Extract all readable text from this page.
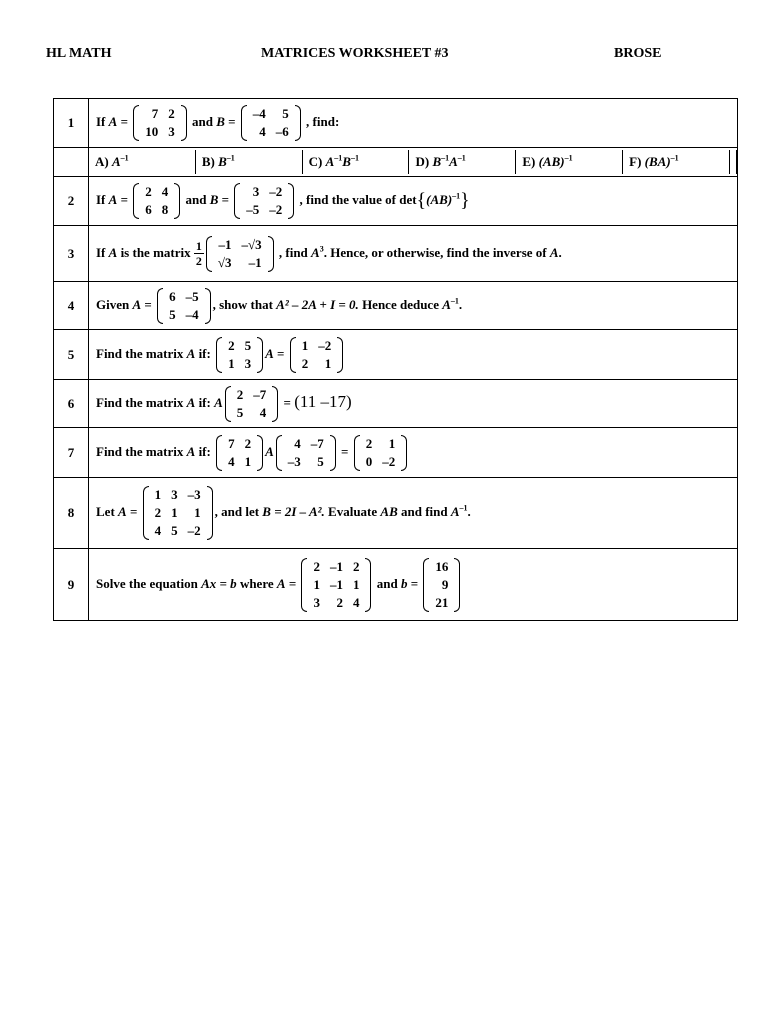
HL MATH	MATRICES WORKSHEET #3	BROSE
1	If A =
7	2
10	3
and B =
–4	5
4	–6
, find:

A) $A^{-1}$	B) $B^{-1}$	C) $A^{-1}B^{-1}$	D) $B^{-1}A^{-1}$	E) (AB)$^{-1}$	F) (BA)$^{-1}$

2	If A =
2	4
6	8
and B =
3	–2
–5	–2
, find the value of det{(AB)$^{-1}$}
3	If A is the matrix $\frac{1}{2} -1$	–√3
√3	–1
, find $A^3$. Hence, or otherwise, find the inverse of A.
4	Given A =
6	–5
5	–4
, show that A² – 2A + I = 0. Hence deduce $A^{-1}$.
5	Find the matrix A if:
2	5
1	3
A =
1	–2
2	1

6	Find the matrix A if: A
2	–7
5	4
= (11 –17)
7	Find the matrix A if:
7	2
4	1
A
4	–7
–3	5
=
2	1
0	–2

8	Let A =
1	3	–3
2	1	1
4	5	–2
, and let B = 2I – A². Evaluate AB and find $A^{-1}$.
9	Solve the equation Ax = b where A =
2	–1	2
1	–1	1
3	2	4
and b =
16
9
21
